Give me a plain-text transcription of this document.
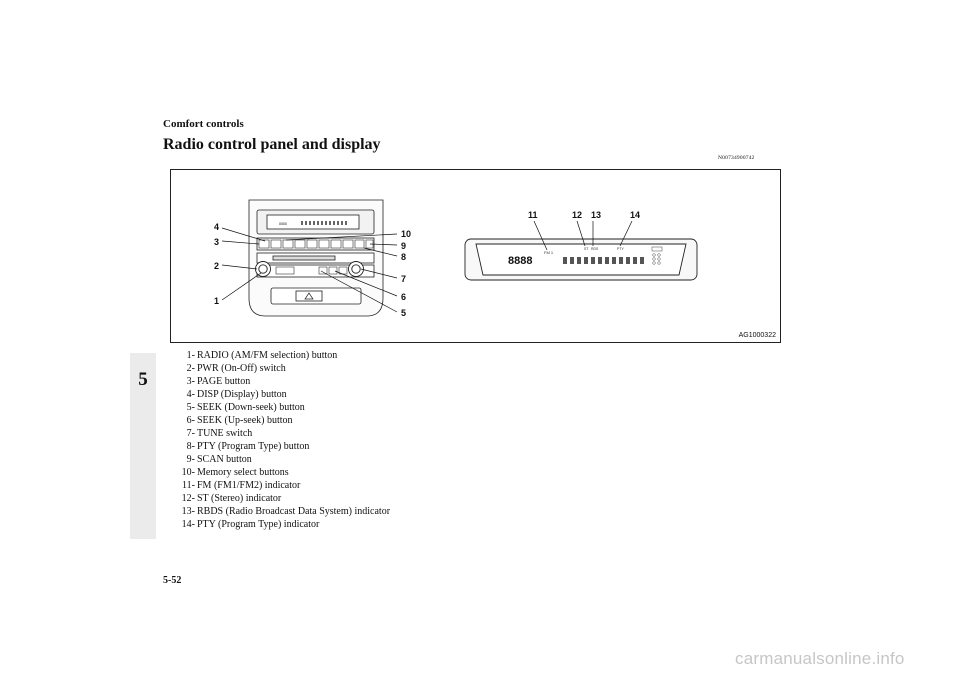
Comfort controls
Radio control panel and display
N00734900742
8888
1
2
3
4
5
6
7
8
9
10
8888
FM 1
ST RDS	PTY
11	12 13	14
AG1000322
5
1- RADIO (AM/FM selection) button
2- PWR (On-Off) switch
3- PAGE button
4- DISP (Display) button
5- SEEK (Down-seek) button
6- SEEK (Up-seek) button
7- TUNE switch
8- PTY (Program Type) button
9- SCAN button
10- Memory select buttons
11- FM (FM1/FM2) indicator
12- ST (Stereo) indicator
13- RBDS (Radio Broadcast Data System) indicator
14- PTY (Program Type) indicator
5-52
carmanualsonline.info
